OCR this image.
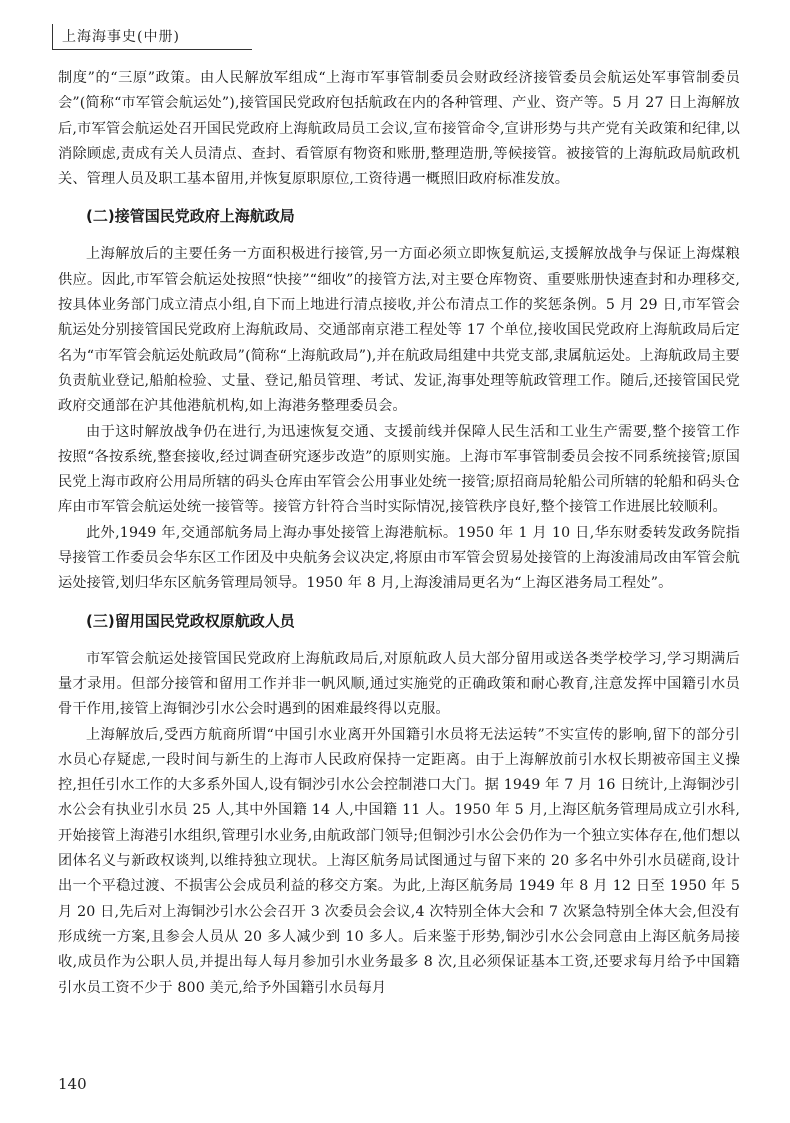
上海海事史(中册)

制度”的“三原”政策。由人民解放军组成“上海市军事管制委员会财政经济接管委员会航运处军事管制委员会”(简称“市军管会航运处”),接管国民党政府包括航政在内的各种管理、产业、资产等。5 月 27 日上海解放后,市军管会航运处召开国民党政府上海航政局员工会议,宣布接管命令,宣讲形势与共产党有关政策和纪律,以消除顾虑,责成有关人员清点、查封、看管原有物资和账册,整理造册,等候接管。被接管的上海航政局航政机关、管理人员及职工基本留用,并恢复原职原位,工资待遇一概照旧政府标准发放。

(二)接管国民党政府上海航政局

上海解放后的主要任务一方面积极进行接管,另一方面必须立即恢复航运,支援解放战争与保证上海煤粮供应。因此,市军管会航运处按照“快接”“细收”的接管方法,对主要仓库物资、重要账册快速查封和办理移交,按具体业务部门成立清点小组,自下而上地进行清点接收,并公布清点工作的奖惩条例。5 月 29 日,市军管会航运处分别接管国民党政府上海航政局、交通部南京港工程处等 17 个单位,接收国民党政府上海航政局后定名为“市军管会航运处航政局”(简称“上海航政局”),并在航政局组建中共党支部,隶属航运处。上海航政局主要负责航业登记,船舶检验、丈量、登记,船员管理、考试、发证,海事处理等航政管理工作。随后,还接管国民党政府交通部在沪其他港航机构,如上海港务整理委员会。

由于这时解放战争仍在进行,为迅速恢复交通、支援前线并保障人民生活和工业生产需要,整个接管工作按照“各按系统,整套接收,经过调查研究逐步改造”的原则实施。上海市军事管制委员会按不同系统接管;原国民党上海市政府公用局所辖的码头仓库由军管会公用事业处统一接管;原招商局轮船公司所辖的轮船和码头仓库由市军管会航运处统一接管等。接管方针符合当时实际情况,接管秩序良好,整个接管工作进展比较顺利。

此外,1949 年,交通部航务局上海办事处接管上海港航标。1950 年 1 月 10 日,华东财委转发政务院指导接管工作委员会华东区工作团及中央航务会议决定,将原由市军管会贸易处接管的上海浚浦局改由军管会航运处接管,划归华东区航务管理局领导。1950 年 8 月,上海浚浦局更名为“上海区港务局工程处”。

(三)留用国民党政权原航政人员

市军管会航运处接管国民党政府上海航政局后,对原航政人员大部分留用或送各类学校学习,学习期满后量才录用。但部分接管和留用工作并非一帆风顺,通过实施党的正确政策和耐心教育,注意发挥中国籍引水员骨干作用,接管上海铜沙引水公会时遇到的困难最终得以克服。

上海解放后,受西方航商所谓“中国引水业离开外国籍引水员将无法运转”不实宣传的影响,留下的部分引水员心存疑虑,一段时间与新生的上海市人民政府保持一定距离。由于上海解放前引水权长期被帝国主义操控,担任引水工作的大多系外国人,设有铜沙引水公会控制港口大门。据 1949 年 7 月 16 日统计,上海铜沙引水公会有执业引水员 25 人,其中外国籍 14 人,中国籍 11 人。1950 年 5 月,上海区航务管理局成立引水科,开始接管上海港引水组织,管理引水业务,由航政部门领导;但铜沙引水公会仍作为一个独立实体存在,他们想以团体名义与新政权谈判,以维持独立现状。上海区航务局试图通过与留下来的 20 多名中外引水员磋商,设计出一个平稳过渡、不损害公会成员利益的移交方案。为此,上海区航务局 1949 年 8 月 12 日至 1950 年 5 月 20 日,先后对上海铜沙引水公会召开 3 次委员会会议,4 次特别全体大会和 7 次紧急特别全体大会,但没有形成统一方案,且参会人员从 20 多人减少到 10 多人。后来鉴于形势,铜沙引水公会同意由上海区航务局接收,成员作为公职人员,并提出每人每月参加引水业务最多 8 次,且必须保证基本工资,还要求每月给予中国籍引水员工资不少于 800 美元,给予外国籍引水员每月

140
